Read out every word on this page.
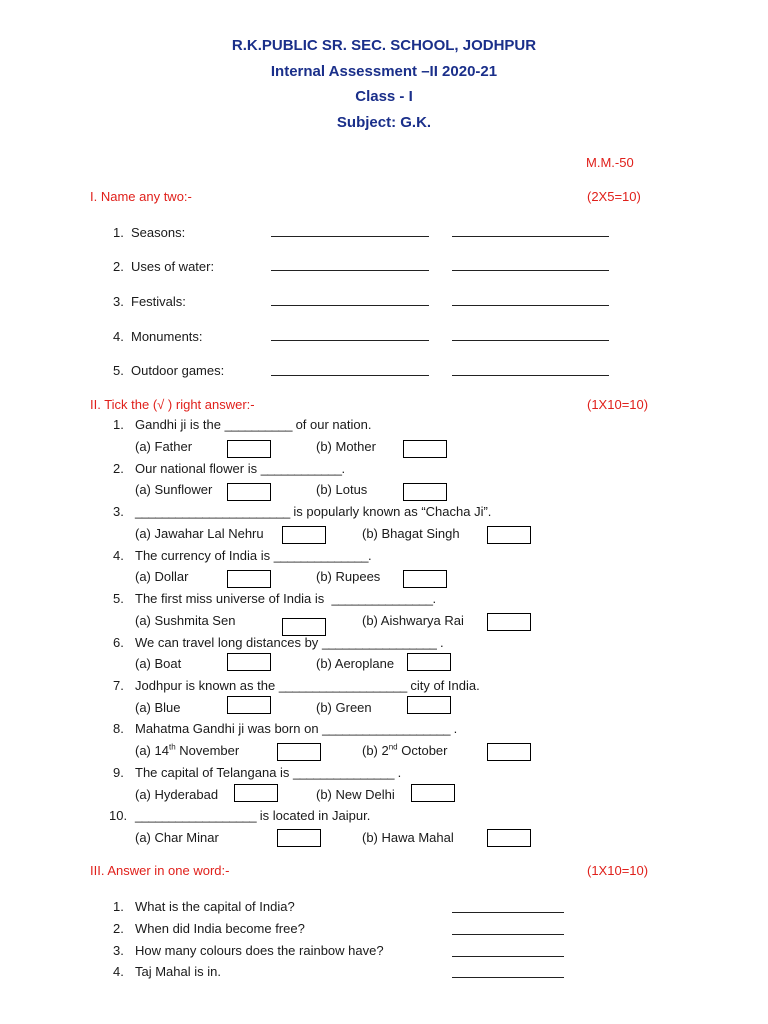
R.K.PUBLIC SR. SEC. SCHOOL, JODHPUR
Internal Assessment –II 2020-21
Class - I
Subject: G.K.
M.M.-50
I. Name any two:-	(2X5=10)
1. Seasons:
2. Uses of water:
3. Festivals:
4. Monuments:
5. Outdoor games:
II. Tick the (√ ) right answer:-	(1X10=10)
1. Gandhi ji is the __________ of our nation.
(a) Father	(b) Mother
2. Our national flower is ____________.
(a) Sunflower	(b) Lotus
3. _______________________ is popularly known as “Chacha Ji”.
(a) Jawahar Lal Nehru	(b) Bhagat Singh
4. The currency of India is ______________.
(a) Dollar	(b) Rupees
5. The first miss universe of India is _______________.
(a) Sushmita Sen	(b) Aishwarya Rai
6. We can travel long distances by _________________ .
(a) Boat	(b) Aeroplane
7. Jodhpur is known as the ___________________ city of India.
(a) Blue	(b) Green
8. Mahatma Gandhi ji was born on ___________________ .
(a) 14th November	(b) 2nd October
9. The capital of Telangana is _______________ .
(a) Hyderabad	(b) New Delhi
10. __________________ is located in Jaipur.
(a) Char Minar	(b) Hawa Mahal
III. Answer in one word:-	(1X10=10)
1. What is the capital of India?
2. When did India become free?
3. How many colours does the rainbow have?
4. Taj Mahal is in.
